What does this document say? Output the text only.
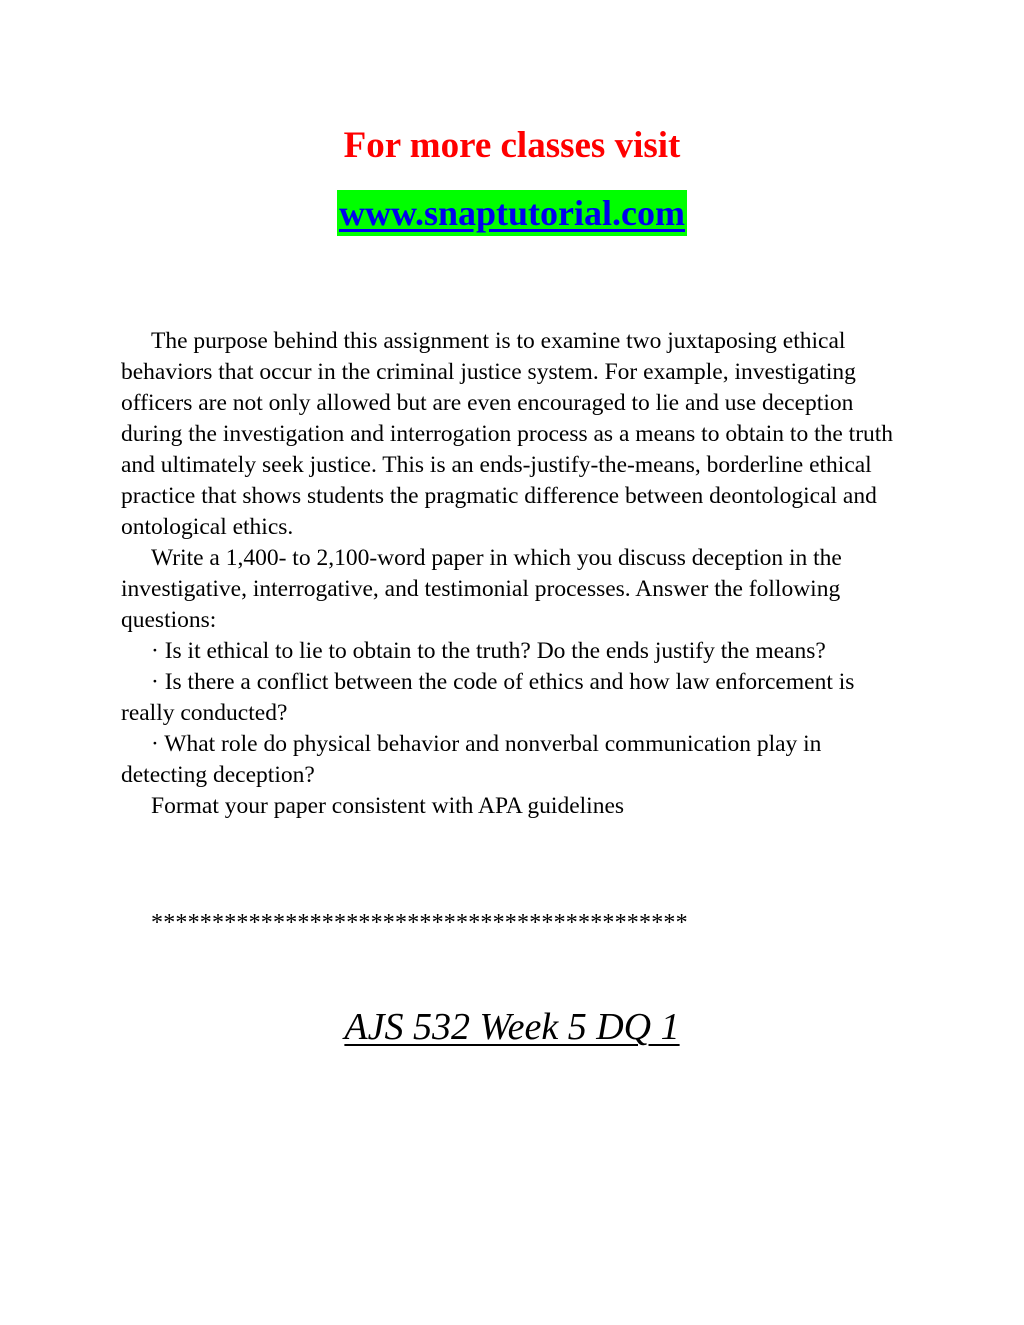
For more classes visit
www.snaptutorial.com

The purpose behind this assignment is to examine two juxtaposing ethical behaviors that occur in the criminal justice system. For example, investigating officers are not only allowed but are even encouraged to lie and use deception during the investigation and interrogation process as a means to obtain to the truth and ultimately seek justice. This is an ends-justify-the-means, borderline ethical practice that shows students the pragmatic difference between deontological and ontological ethics.

Write a 1,400- to 2,100-word paper in which you discuss deception in the investigative, interrogative, and testimonial processes. Answer the following questions:

· Is it ethical to lie to obtain to the truth? Do the ends justify the means?

· Is there a conflict between the code of ethics and how law enforcement is really conducted?

· What role do physical behavior and nonverbal communication play in detecting deception?

Format your paper consistent with APA guidelines

********************************************
AJS 532 Week 5 DQ 1
